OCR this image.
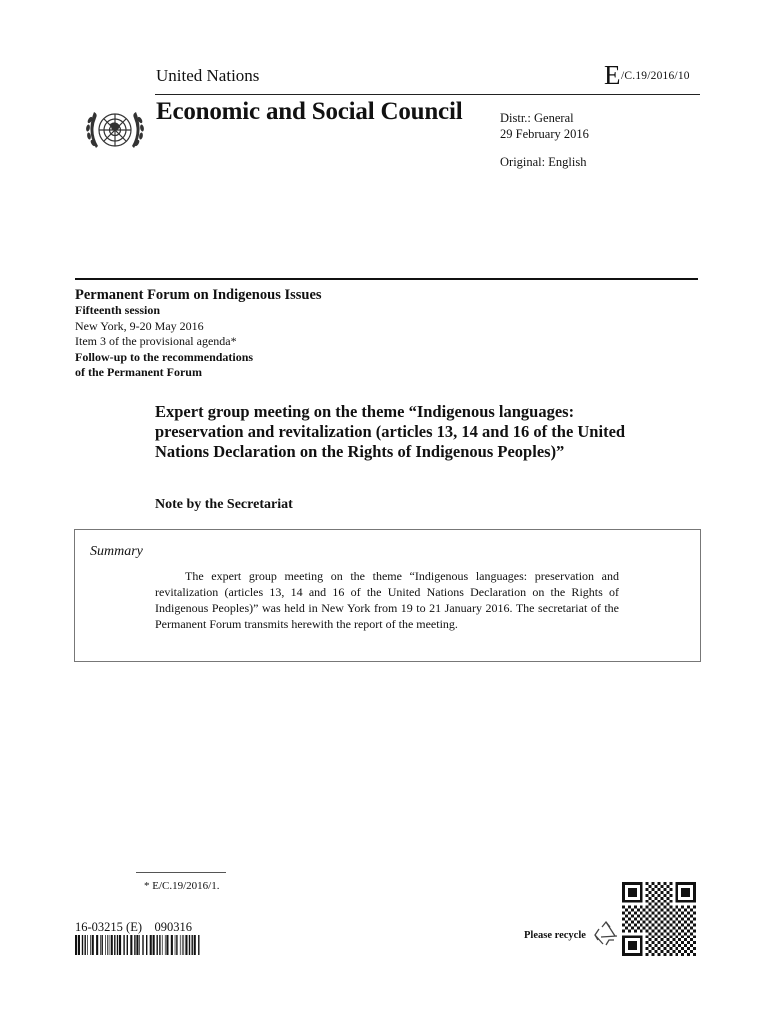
United Nations	E /C.19/2016/10
Economic and Social Council	Distr.: General
29 February 2016
Original: English
Permanent Forum on Indigenous Issues
Fifteenth session
New York, 9-20 May 2016
Item 3 of the provisional agenda*
Follow-up to the recommendations
of the Permanent Forum
Expert group meeting on the theme “Indigenous languages: preservation and revitalization (articles 13, 14 and 16 of the United Nations Declaration on the Rights of Indigenous Peoples)”
Note by the Secretariat
Summary
The expert group meeting on the theme “Indigenous languages: preservation and revitalization (articles 13, 14 and 16 of the United Nations Declaration on the Rights of Indigenous Peoples)” was held in New York from 19 to 21 January 2016. The secretariat of the Permanent Forum transmits herewith the report of the meeting.
* E/C.19/2016/1.
16-03215 (E)    090316
Please recycle
